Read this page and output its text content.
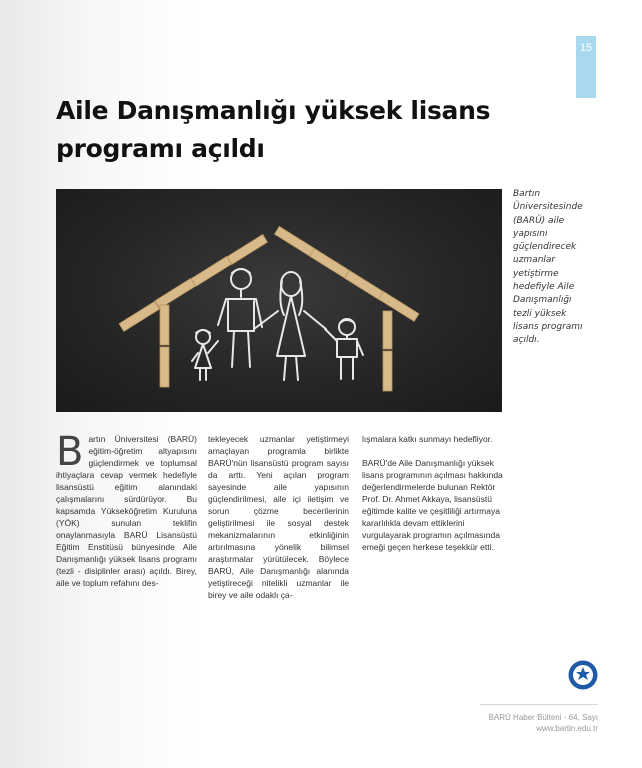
15
Aile Danışmanlığı yüksek lisans programı açıldı

Bartın Üniversitesinde (BARÜ) aile yapısını güçlendirecek uzmanlar yetiştirme hedefiyle Aile Danışmanlığı tezli yüksek lisans programı açıldı.

Bartın Üniversitesi (BARÜ) eğitim-öğretim altyapısını güçlendirmek ve toplumsal ihtiyaçlara cevap vermek hedefiyle lisansüstü eğitim alanındaki çalışmalarını sürdürüyor. Bu kapsamda Yükseköğretim Kuruluna (YÖK) sunulan teklifin onaylanmasıyla BARÜ Lisansüstü Eğitim Enstitüsü bünyesinde Aile Danışmanlığı yüksek lisans programı (tezli - disiplinler arası) açıldı. Birey, aile ve toplum refahını des-

tekleyecek uzmanlar yetiştirmeyi amaçlayan programla birlikte BARÜ'nün lisansüstü program sayısı da arttı. Yeni açılan program sayesinde aile yapısının güçlendirilmesi, aile içi iletişim ve sorun çözme becerilerinin geliştirilmesi ile sosyal destek mekanizmalarının etkinliğinin artırılmasına yönelik bilimsel araştırmalar yürütülecek. Böylece BARÜ, Aile Danışmanlığı alanında yetiştireceği nitelikli uzmanlar ile birey ve aile odaklı ça-

lışmalara katkı sunmayı hedefliyor.
BARÜ'de Aile Danışmanlığı yüksek lisans programının açılması hakkında değerlendirmelerde bulunan Rektör Prof. Dr. Ahmet Akkaya, lisansüstü eğitimde kalite ve çeşitliliği artırmaya kararlılıkla devam ettiklerini vurgulayarak programın açılmasında emeği geçen herkese teşekkür etti.
BARÜ Haber Bülteni - 64. Sayı
www.bartin.edu.tr
